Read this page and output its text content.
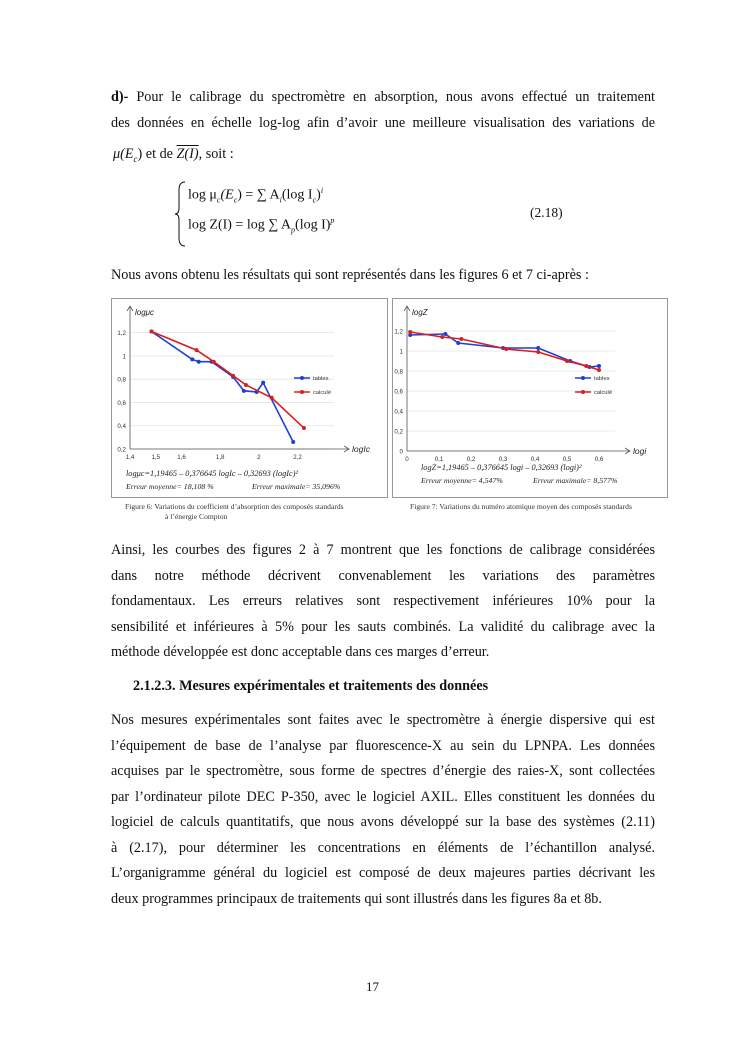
d)- Pour le calibrage du spectromètre en absorption, nous avons effectué un traitement
des données en échelle log-log afin d’avoir une meilleure visualisation des variations de
$\mu(E_c)$ et de Z(I), soit :
$\log \mu_c(E_c)$ = ∑ $A_i(\log$ $I_c)^i$
log Z(I) = log ∑ $A_p(\log$ I)$^p$
(2.18)
Nous avons obtenu les résultats qui sont représentés dans les figures 6 et 7 ci-après :
0,2
0,4
0,6
0,8
1
1,2
1,4	1,5	1,6	1,8	2	2,2
logμc
logIc
tables
calculé
logμc=1,19465 – 0,376645 logIc – 0,32693 (logIc)²
Erreur moyenne= 18,108 %	Erreur maximale= 35,096%
Figure 6: Variations du coefficient d’absorption des composés standards
à l’énergie Compton
0
0,2
0,4
0,6
0,8
1
1,2
0	0,1	0,2	0,3	0,4	0,5	0,6
logZ
logi
tables
calculé
logZ=1,19465 – 0,376645 logi – 0,32693 (logi)²
Erreur moyenne= 4,547%	Erreur maximale= 8,577%
Figure 7: Variations du numéro atomique moyen des composés standards
Ainsi, les courbes des figures 2 à 7 montrent que les fonctions de calibrage considérées
dans notre méthode décrivent convenablement les variations des paramètres
fondamentaux. Les erreurs relatives sont respectivement inférieures 10% pour la
sensibilité et inférieures à 5% pour les sauts combinés. La validité du calibrage avec la
méthode développée est donc acceptable dans ces marges d’erreur.
2.1.2.3. Mesures expérimentales et traitements des données
Nos mesures expérimentales sont faites avec le spectromètre à énergie dispersive qui est
l’équipement de base de l’analyse par fluorescence-X au sein du LPNPA. Les données
acquises par le spectromètre, sous forme de spectres d’énergie des raies-X, sont collectées
par l’ordinateur pilote DEC P-350, avec le logiciel AXIL. Elles constituent les données du
logiciel de calculs quantitatifs, que nous avons développé sur la base des systèmes (2.11)
à (2.17), pour déterminer les concentrations en éléments de l’échantillon analysé.
L’organigramme général du logiciel est composé de deux majeures parties décrivant les
deux programmes principaux de traitements qui sont illustrés dans les figures 8a et 8b.
17
